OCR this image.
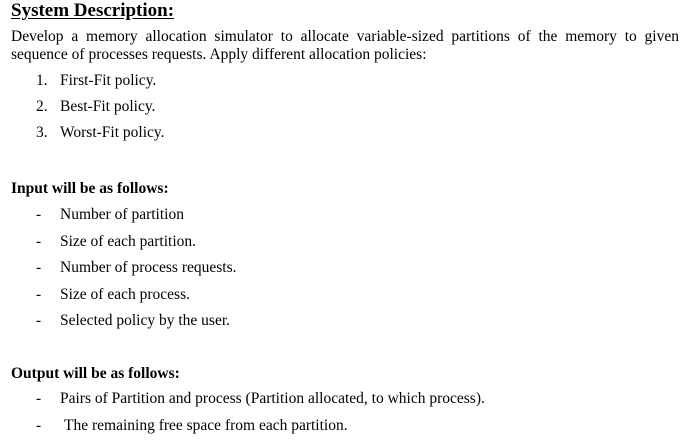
System Description:

Develop a memory allocation simulator to allocate variable-sized partitions of the memory to given
sequence of processes requests. Apply different allocation policies:

1. First-Fit policy.
2. Best-Fit policy.
3. Worst-Fit policy.
Input will be as follows:
- Number of partition
- Size of each partition.
- Number of process requests.
- Size of each process.
- Selected policy by the user.
Output will be as follows:
- Pairs of Partition and process (Partition allocated, to which process).
- The remaining free space from each partition.
